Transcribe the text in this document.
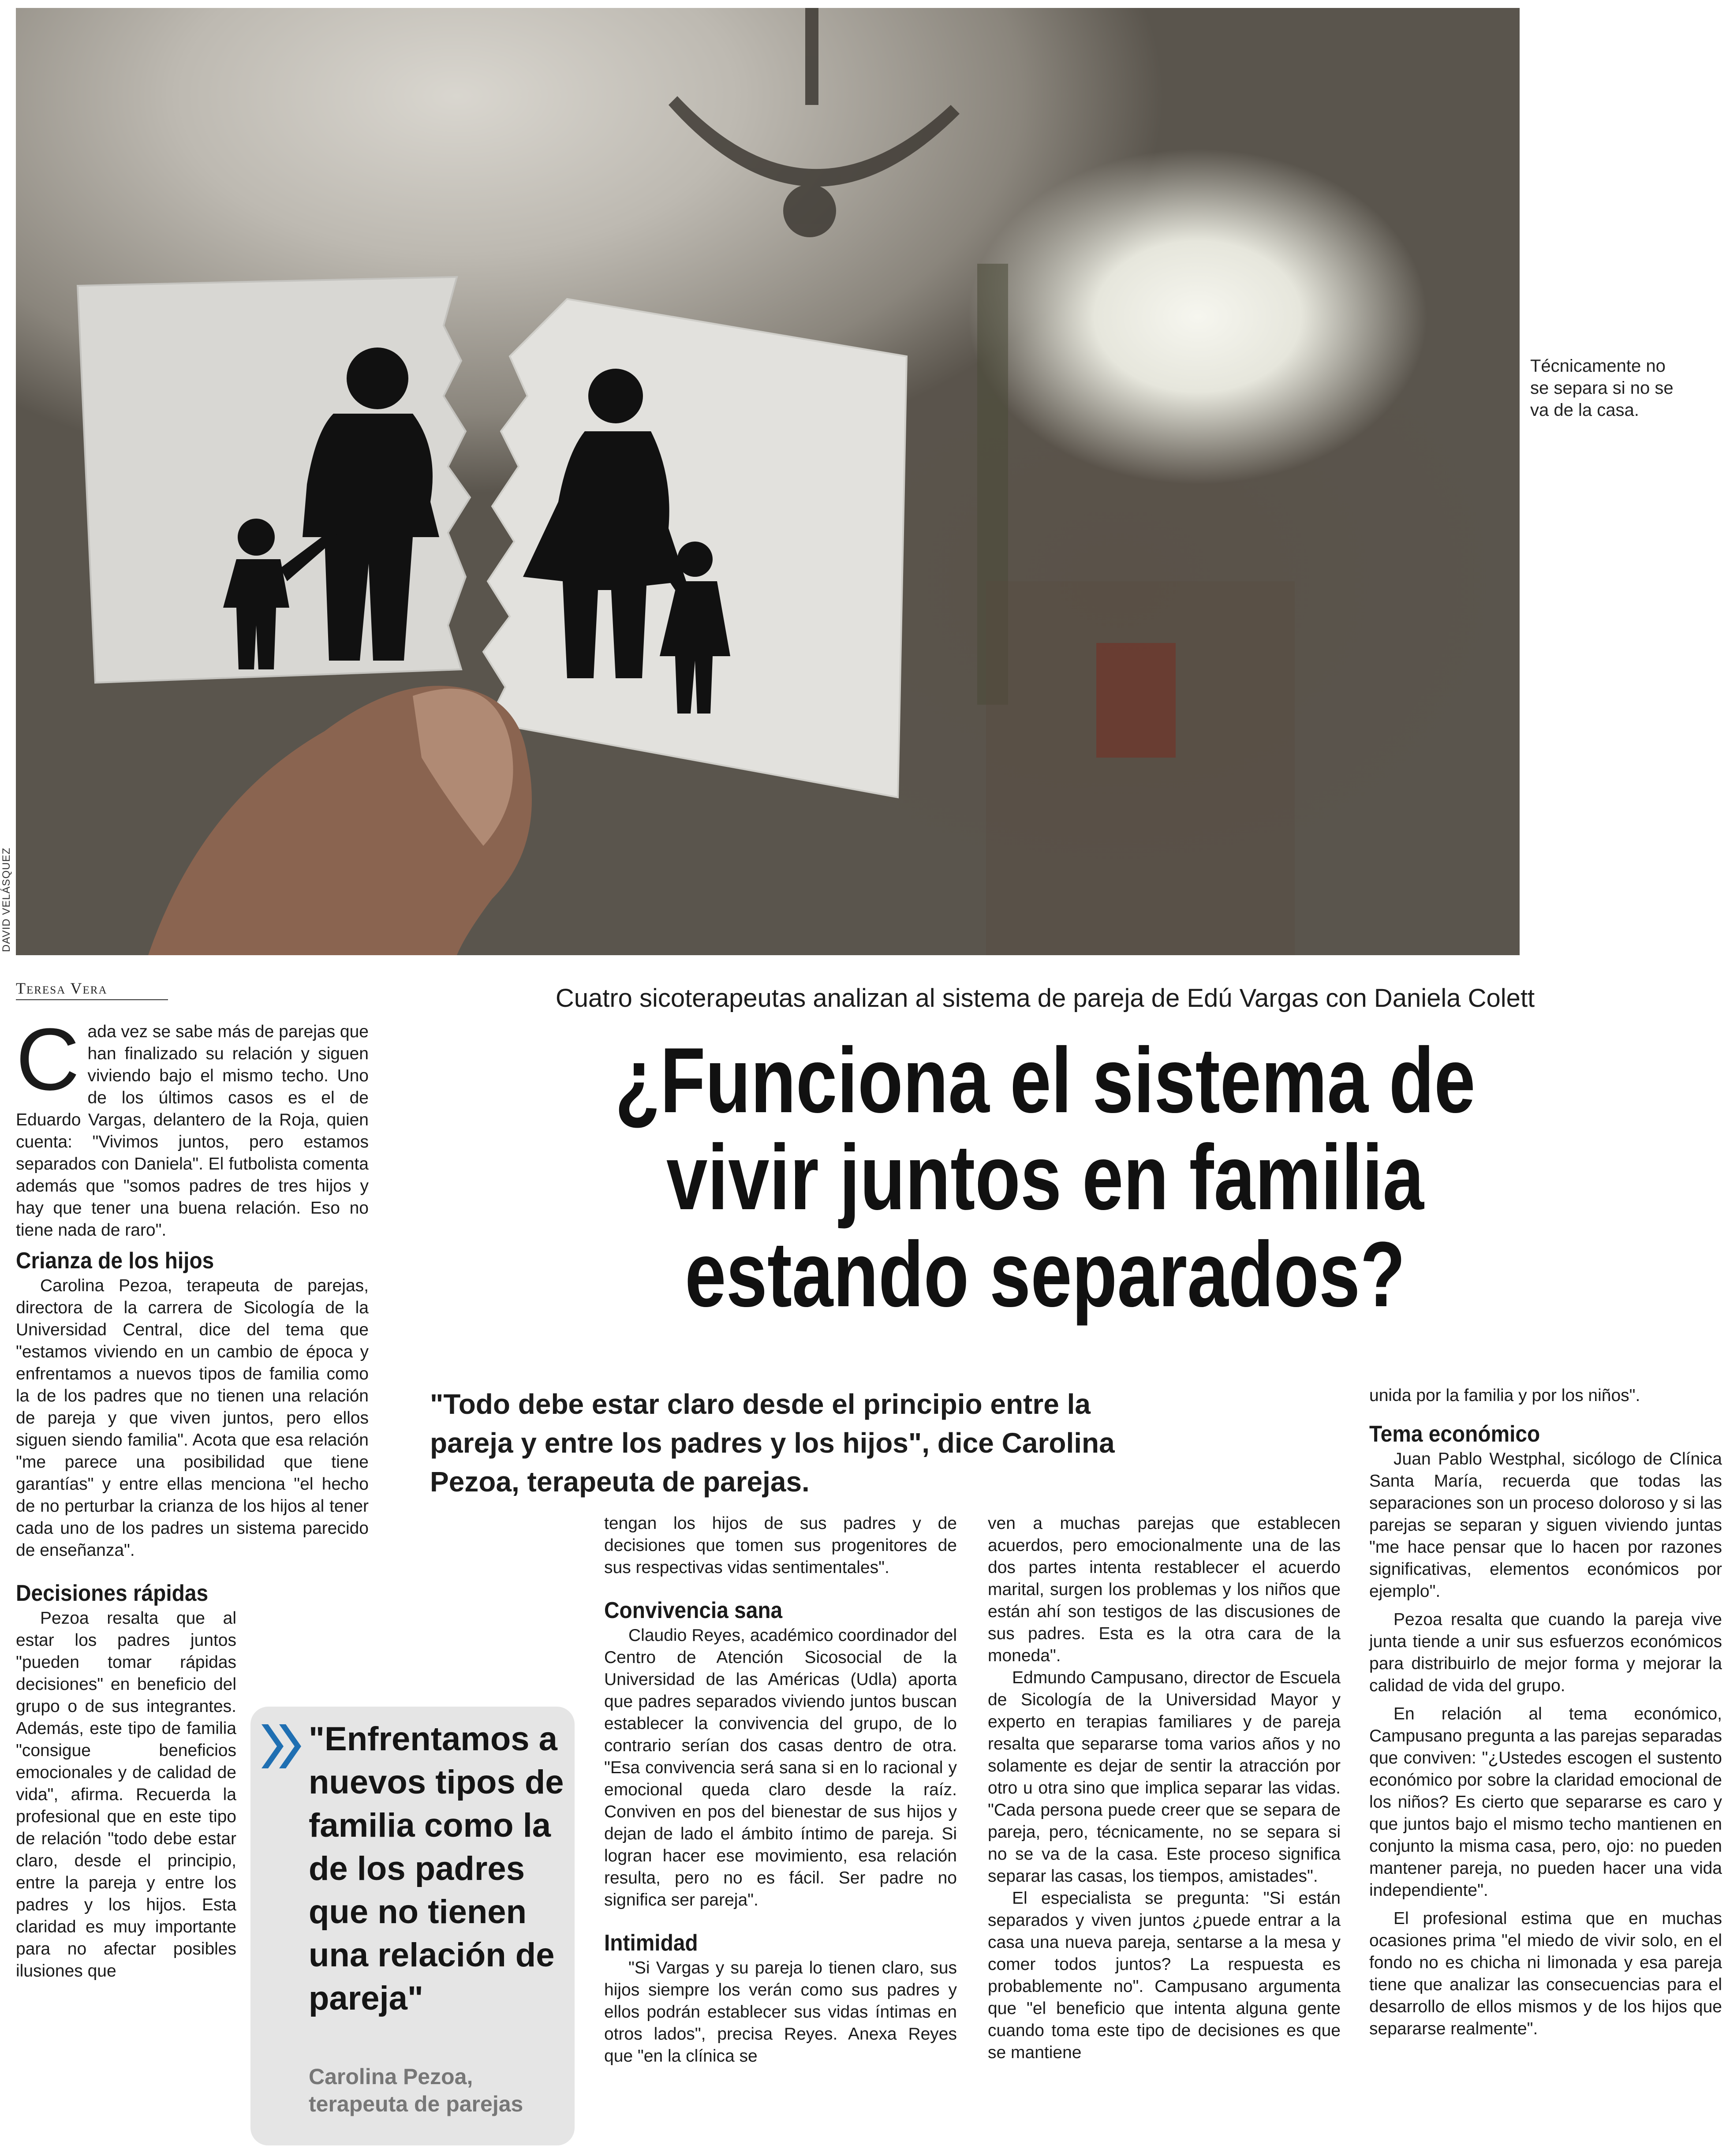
DAVID VELÁSQUEZ
Técnicamente no se separa si no se va de la casa.
Teresa Vera	Cuatro sicoterapeutas analizan al sistema de pareja de Edú Vargas con Daniela Colett
¿Funciona el sistema de vivir juntos en familia estando separados?
"Todo debe estar claro desde el principio entre la pareja y entre los padres y los hijos", dice Carolina Pezoa, terapeuta de parejas.

Cada vez se sabe más de parejas que han finalizado su relación y siguen viviendo bajo el mismo techo. Uno de los últimos casos es el de Eduardo Vargas, delantero de la Roja, quien cuenta: "Vivimos juntos, pero estamos separados con Daniela". El futbolista comenta además que "somos padres de tres hijos y hay que tener una buena relación. Eso no tiene nada de raro".

Crianza de los hijos

Carolina Pezoa, terapeuta de parejas, directora de la carrera de Sicología de la Universidad Central, dice del tema que "estamos viviendo en un cambio de época y enfrentamos a nuevos tipos de familia como la de los padres que no tienen una relación de pareja y que viven juntos, pero ellos siguen siendo familia". Acota que esa relación "me parece una posibilidad que tiene garantías" y entre ellas menciona "el hecho de no perturbar la crianza de los hijos al tener cada uno de los padres un sistema parecido de enseñanza".

Decisiones rápidas

Pezoa resalta que al estar los padres juntos "pueden tomar rápidas decisiones" en beneficio del grupo o de sus integrantes. Además, este tipo de familia "consigue beneficios emocionales y de calidad de vida", afirma. Recuerda la profesional que en este tipo de relación "todo debe estar claro, desde el principio, entre la pareja y entre los padres y los hijos. Esta claridad es muy importante para no afectar posibles ilusiones que

"Enfrentamos a nuevos tipos de familia como la de los padres que no tienen una relación de pareja"
Carolina Pezoa, terapeuta de parejas

tengan los hijos de sus padres y de decisiones que tomen sus progenitores de sus respectivas vidas sentimentales".

Convivencia sana

Claudio Reyes, académico coordinador del Centro de Atención Sicosocial de la Universidad de las Américas (Udla) aporta que padres separados viviendo juntos buscan establecer la convivencia del grupo, de lo contrario serían dos casas dentro de otra. "Esa convivencia será sana si en lo racional y emocional queda claro desde la raíz. Conviven en pos del bienestar de sus hijos y dejan de lado el ámbito íntimo de pareja. Si logran hacer ese movimiento, esa relación resulta, pero no es fácil. Ser padre no significa ser pareja".

Intimidad

"Si Vargas y su pareja lo tienen claro, sus hijos siempre los verán como sus padres y ellos podrán establecer sus vidas íntimas en otros lados", precisa Reyes. Anexa Reyes que "en la clínica se

ven a muchas parejas que establecen acuerdos, pero emocionalmente una de las dos partes intenta restablecer el acuerdo marital, surgen los problemas y los niños que están ahí son testigos de las discusiones de sus padres. Esta es la otra cara de la moneda".

Edmundo Campusano, director de Escuela de Sicología de la Universidad Mayor y experto en terapias familiares y de pareja resalta que separarse toma varios años y no solamente es dejar de sentir la atracción por otro u otra sino que implica separar las vidas. "Cada persona puede creer que se separa de pareja, pero, técnicamente, no se separa si no se va de la casa. Este proceso significa separar las casas, los tiempos, amistades".

El especialista se pregunta: "Si están separados y viven juntos ¿puede entrar a la casa una nueva pareja, sentarse a la mesa y comer todos juntos? La respuesta es probablemente no". Campusano argumenta que "el beneficio que intenta alguna gente cuando toma este tipo de decisiones es que se mantiene

unida por la familia y por los niños".

Tema económico

Juan Pablo Westphal, sicólogo de Clínica Santa María, recuerda que todas las separaciones son un proceso doloroso y si las parejas se separan y siguen viviendo juntas "me hace pensar que lo hacen por razones significativas, elementos económicos por ejemplo".

Pezoa resalta que cuando la pareja vive junta tiende a unir sus esfuerzos económicos para distribuirlo de mejor forma y mejorar la calidad de vida del grupo.

En relación al tema económico, Campusano pregunta a las parejas separadas que conviven: "¿Ustedes escogen el sustento económico por sobre la claridad emocional de los niños? Es cierto que separarse es caro y que juntos bajo el mismo techo mantienen en conjunto la misma casa, pero, ojo: no pueden mantener pareja, no pueden hacer una vida independiente".

El profesional estima que en muchas ocasiones prima "el miedo de vivir solo, en el fondo no es chicha ni limonada y esa pareja tiene que analizar las consecuencias para el desarrollo de ellos mismos y de los hijos que separarse realmente".
